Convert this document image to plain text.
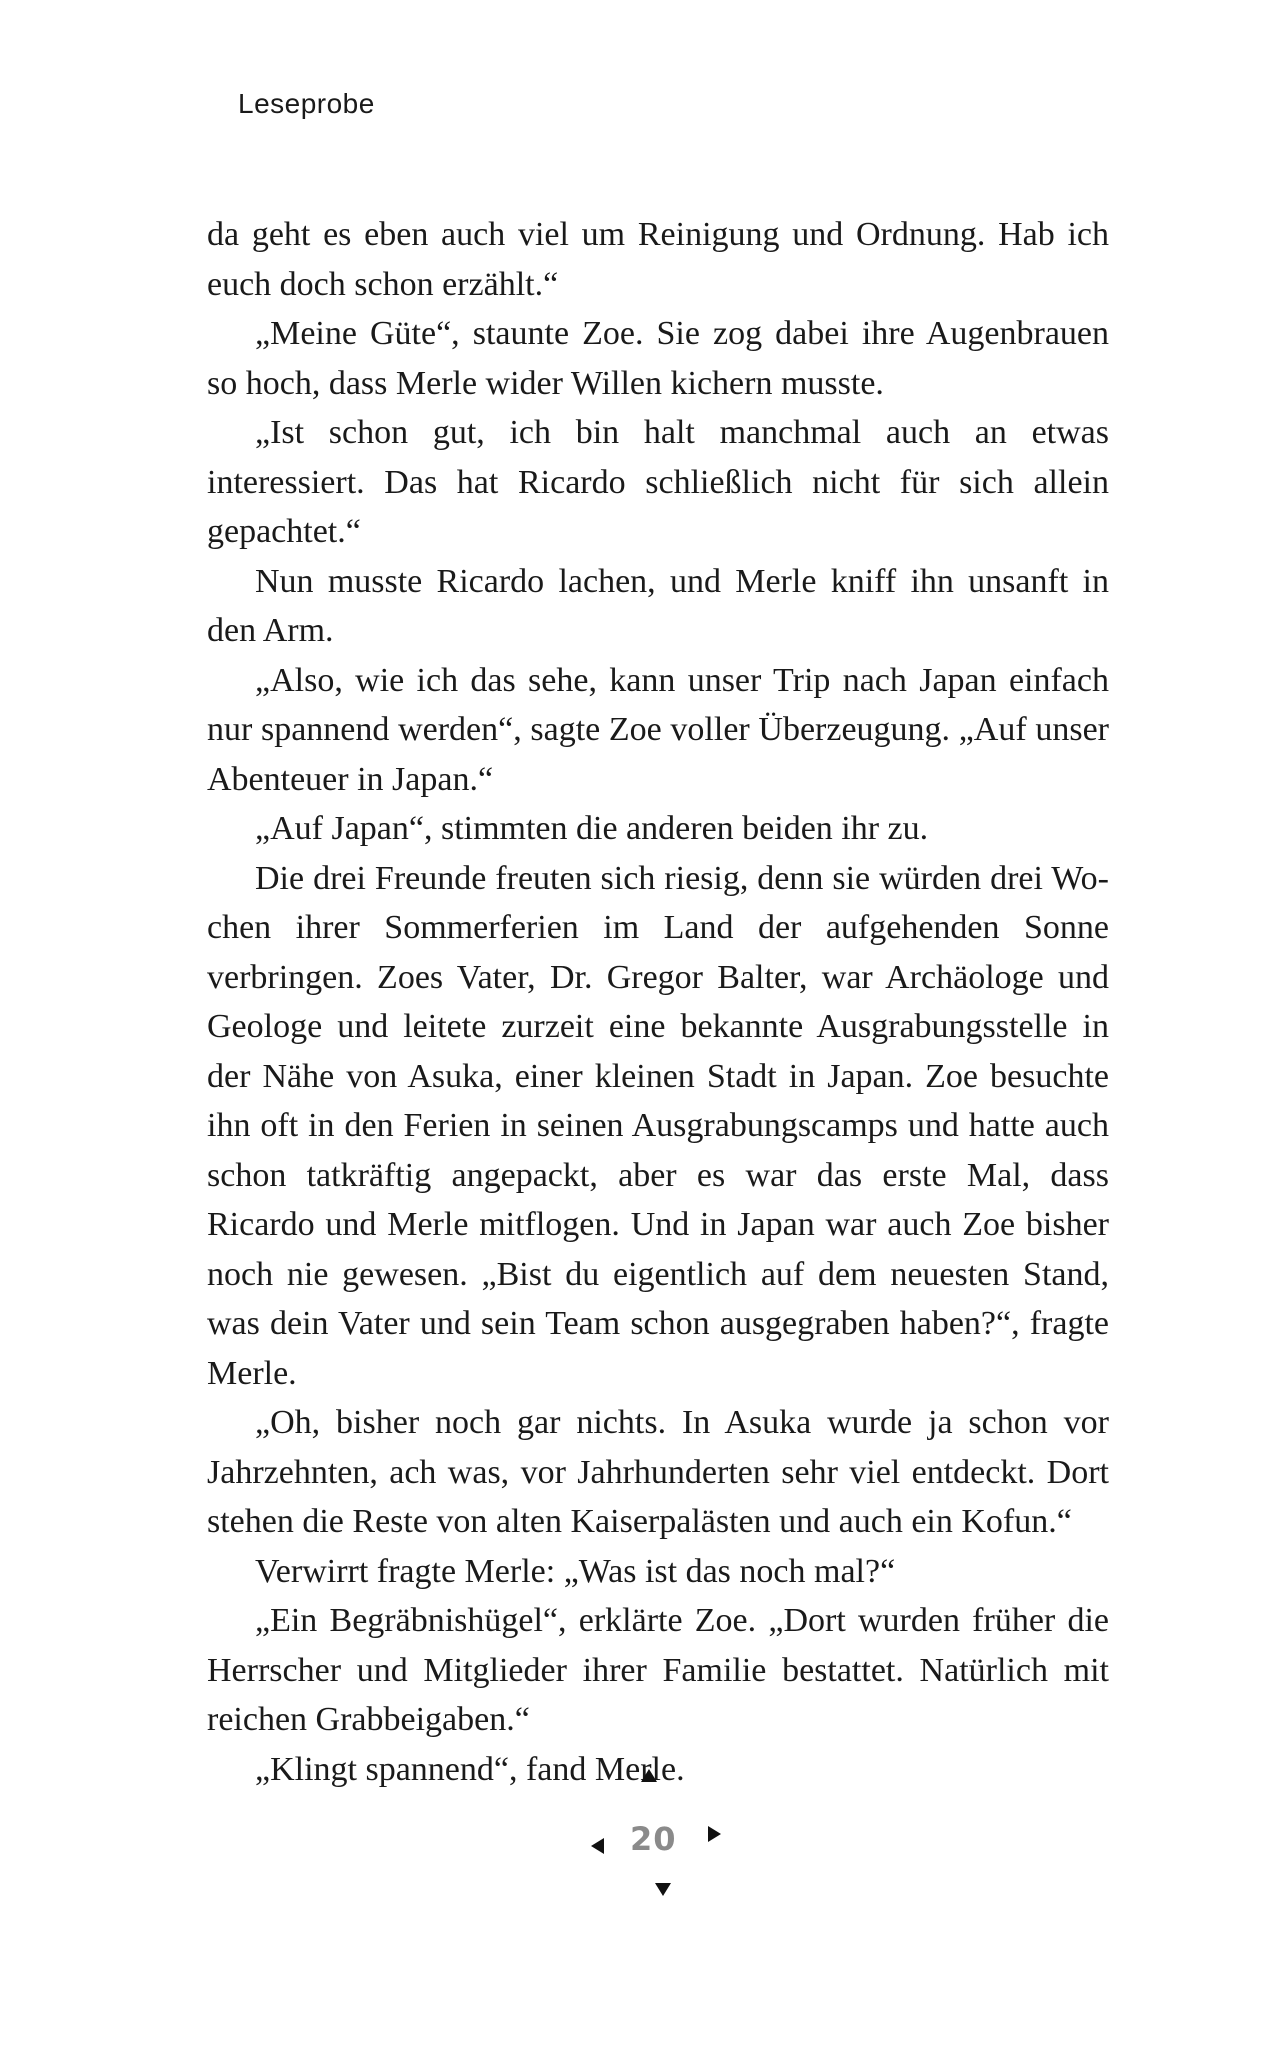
Leseprobe

da geht es eben auch viel um Reinigung und Ordnung. Hab ich euch doch schon erzählt.“

„Meine Güte“, staunte Zoe. Sie zog dabei ihre Augenbrauen so hoch, dass Merle wider Willen kichern musste.

„Ist schon gut, ich bin halt manchmal auch an etwas interessiert. Das hat Ricardo schließlich nicht für sich allein gepachtet.“

Nun musste Ricardo lachen, und Merle kniff ihn unsanft in den Arm.

„Also, wie ich das sehe, kann unser Trip nach Japan einfach nur spannend werden“, sagte Zoe voller Überzeugung. „Auf unser Abenteuer in Japan.“

„Auf Japan“, stimmten die anderen beiden ihr zu.

Die drei Freunde freuten sich riesig, denn sie würden drei Wochen ihrer Sommerferien im Land der aufgehenden Sonne verbringen. Zoes Vater, Dr. Gregor Balter, war Archäologe und Geologe und leitete zurzeit eine bekannte Ausgrabungsstelle in der Nähe von Asuka, einer kleinen Stadt in Japan. Zoe besuchte ihn oft in den Ferien in seinen Ausgrabungscamps und hatte auch schon tatkräftig angepackt, aber es war das erste Mal, dass Ricardo und Merle mitflogen. Und in Japan war auch Zoe bisher noch nie gewesen. „Bist du eigentlich auf dem neuesten Stand, was dein Vater und sein Team schon ausgegraben haben?“, fragte Merle.

„Oh, bisher noch gar nichts. In Asuka wurde ja schon vor Jahrzehnten, ach was, vor Jahrhunderten sehr viel entdeckt. Dort stehen die Reste von alten Kaiserpalästen und auch ein Kofun.“

Verwirrt fragte Merle: „Was ist das noch mal?“

„Ein Begräbnishügel“, erklärte Zoe. „Dort wurden früher die Herrscher und Mitglieder ihrer Familie bestattet. Natürlich mit reichen Grabbeigaben.“

„Klingt spannend“, fand Merle.

20
